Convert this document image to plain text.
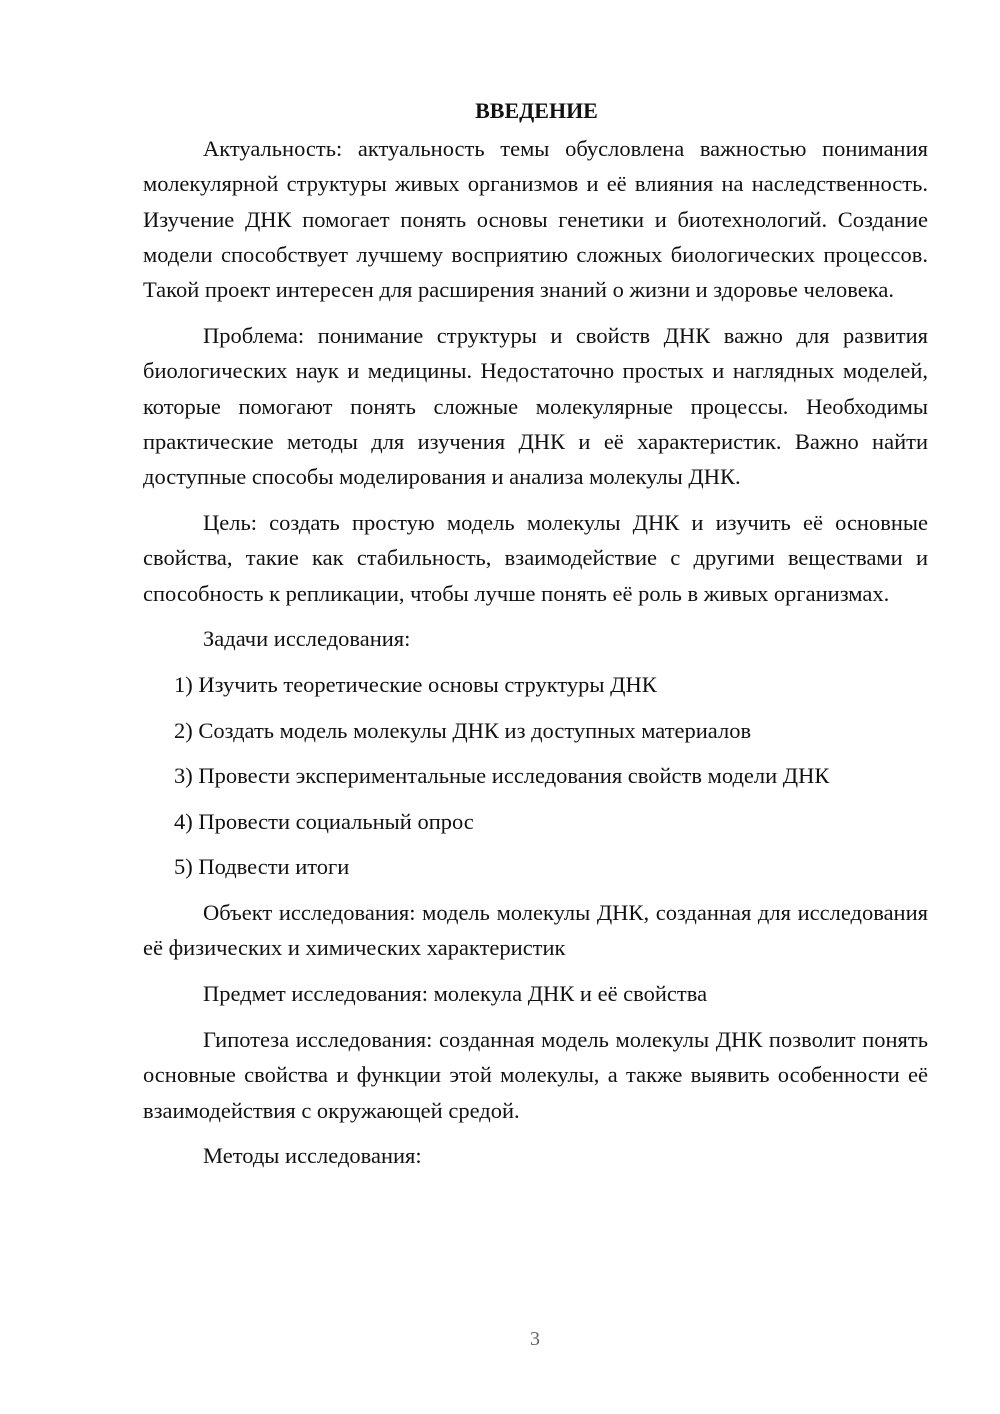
ВВЕДЕНИЕ

Актуальность: актуальность темы обусловлена важностью понимания молекулярной структуры живых организмов и её влияния на наследственность. Изучение ДНК помогает понять основы генетики и биотехнологий. Создание модели способствует лучшему восприятию сложных биологических процессов. Такой проект интересен для расширения знаний о жизни и здоровье человека.

Проблема: понимание структуры и свойств ДНК важно для развития биологических наук и медицины. Недостаточно простых и наглядных моделей, которые помогают понять сложные молекулярные процессы. Необходимы практические методы для изучения ДНК и её характеристик. Важно найти доступные способы моделирования и анализа молекулы ДНК.

Цель: создать простую модель молекулы ДНК и изучить её основные свойства, такие как стабильность, взаимодействие с другими веществами и способность к репликации, чтобы лучше понять её роль в живых организмах.

Задачи исследования:

1) Изучить теоретические основы структуры ДНК
2) Создать модель молекулы ДНК из доступных материалов
3) Провести экспериментальные исследования свойств модели ДНК
4) Провести социальный опрос
5) Подвести итоги

Объект исследования: модель молекулы ДНК, созданная для исследования её физических и химических характеристик

Предмет исследования: молекула ДНК и её свойства

Гипотеза исследования: созданная модель молекулы ДНК позволит понять основные свойства и функции этой молекулы, а также выявить особенности её взаимодействия с окружающей средой.

Методы исследования:

3
